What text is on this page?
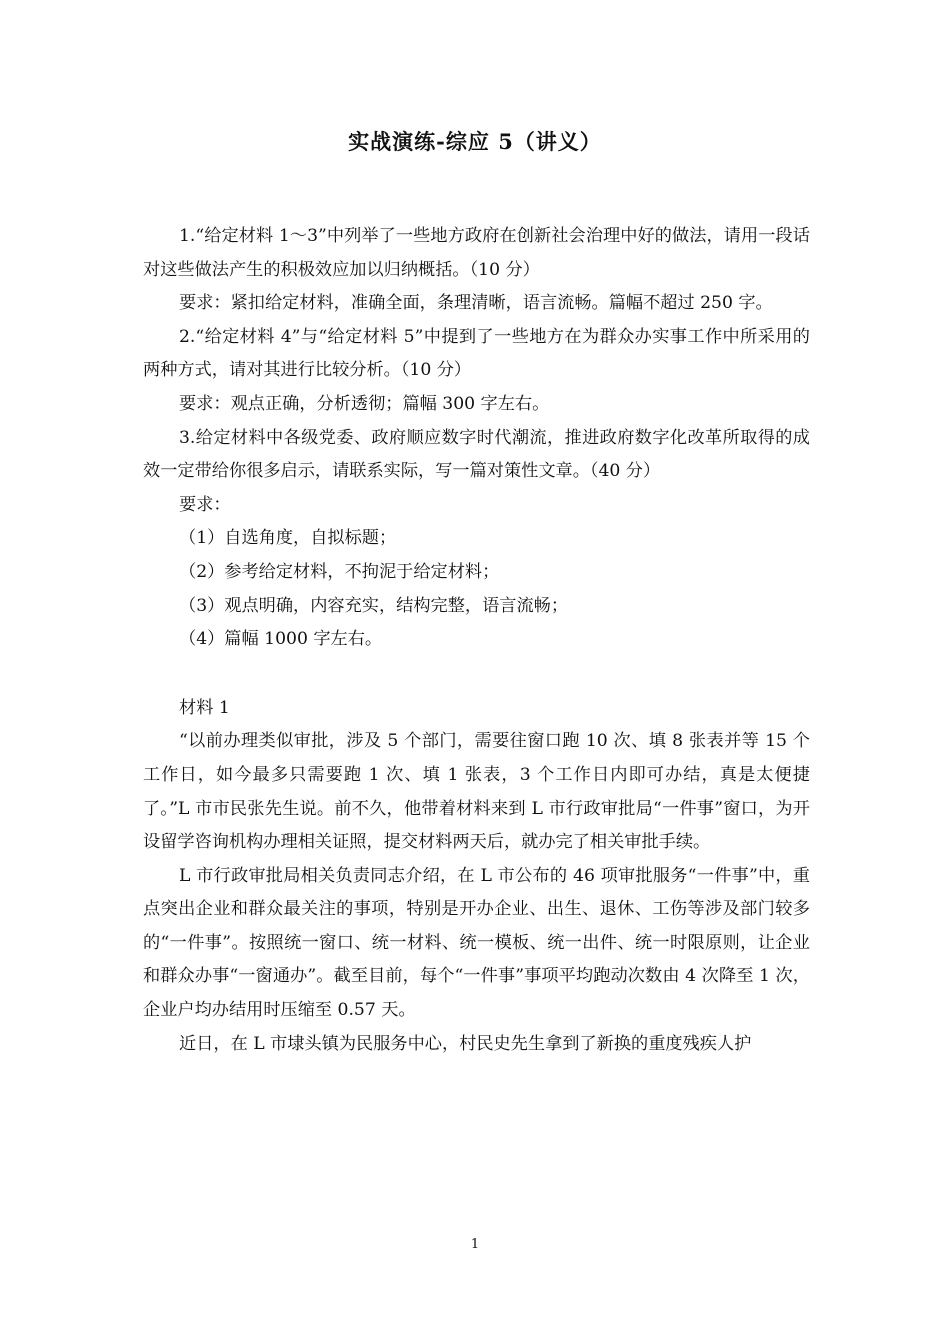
实战演练-综应 5（讲义）

1.“给定材料 1～3”中列举了一些地方政府在创新社会治理中好的做法，请用一段话对这些做法产生的积极效应加以归纳概括。（10 分）

要求：紧扣给定材料，准确全面，条理清晰，语言流畅。篇幅不超过 250 字。

2.“给定材料 4”与“给定材料 5”中提到了一些地方在为群众办实事工作中所采用的两种方式，请对其进行比较分析。（10 分）

要求：观点正确，分析透彻；篇幅 300 字左右。

3.给定材料中各级党委、政府顺应数字时代潮流，推进政府数字化改革所取得的成效一定带给你很多启示，请联系实际，写一篇对策性文章。（40 分）

要求：

（1）自选角度，自拟标题；

（2）参考给定材料，不拘泥于给定材料；

（3）观点明确，内容充实，结构完整，语言流畅；

（4）篇幅 1000 字左右。

材料 1

“以前办理类似审批，涉及 5 个部门，需要往窗口跑 10 次、填 8 张表并等 15 个工作日，如今最多只需要跑 1 次、填 1 张表，3 个工作日内即可办结，真是太便捷了。”L 市市民张先生说。前不久，他带着材料来到 L 市行政审批局“一件事”窗口，为开设留学咨询机构办理相关证照，提交材料两天后，就办完了相关审批手续。

L 市行政审批局相关负责同志介绍，在 L 市公布的 46 项审批服务“一件事”中，重点突出企业和群众最关注的事项，特别是开办企业、出生、退休、工伤等涉及部门较多的“一件事”。按照统一窗口、统一材料、统一模板、统一出件、统一时限原则，让企业和群众办事“一窗通办”。截至目前，每个“一件事”事项平均跑动次数由 4 次降至 1 次，企业户均办结用时压缩至 0.57 天。

近日，在 L 市埭头镇为民服务中心，村民史先生拿到了新换的重度残疾人护

1
